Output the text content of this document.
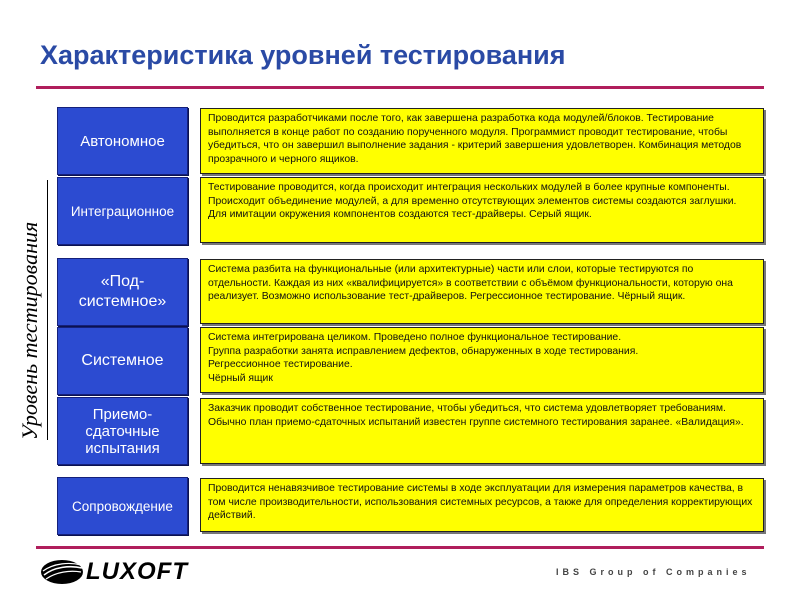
Характеристика уровней тестирования
Уровень тестирования
Автономное

Проводится разработчиками после того, как завершена разработка кода модулей/блоков. Тестирование выполняется в конце работ по созданию порученного модуля. Программист проводит тестирование, чтобы убедиться, что он завершил выполнение задания - критерий завершения удовлетворен. Комбинация методов прозрачного и черного ящиков.

Интеграционное

Тестирование проводится, когда происходит интеграция нескольких модулей в более крупные компоненты. Происходит объединение модулей, а для временно отсутствующих элементов системы создаются заглушки. Для имитации окружения компонентов создаются тест-драйверы. Серый ящик.

«Под-
системное»

Система разбита на функциональные (или архитектурные) части или слои, которые тестируются по отдельности. Каждая из них «квалифицируется» в соответствии с объёмом функциональности, которую она реализует. Возможно использование тест-драйверов. Регрессионное тестирование. Чёрный ящик.

Системное

Система интегрирована целиком. Проведено полное функциональное тестирование.

Группа разработки занята исправлением дефектов, обнаруженных в ходе тестирования.

Регрессионное тестирование.

Чёрный ящик

Приемо-
сдаточные
испытания

Заказчик проводит собственное тестирование, чтобы убедиться, что система удовлетворяет требованиям.

Обычно план приемо-сдаточных испытаний известен группе системного тестирования заранее. «Валидация».

Сопровождение

Проводится ненавязчивое тестирование системы в ходе эксплуатации для измерения параметров качества, в том числе производительности, использования системных ресурсов, а также для определения корректирующих действий.

LUXOFT	IBS Group of Companies
